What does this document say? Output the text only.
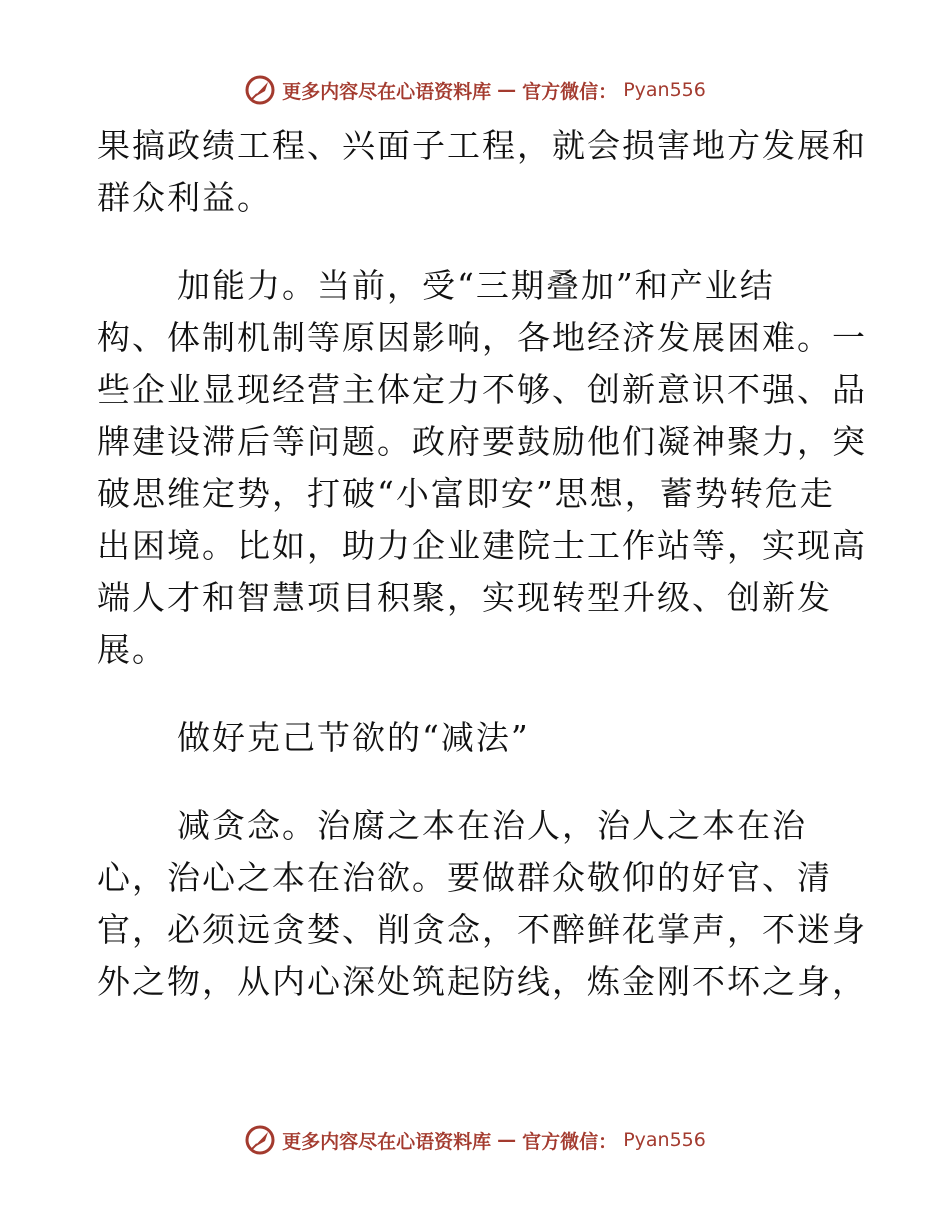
更多内容尽在心语资料库 — 官方微信： Pyan556

果搞政绩工程、兴面子工程，就会损害地方发展和
群众利益。

加能力。当前，受“三期叠加”和产业结
构、体制机制等原因影响，各地经济发展困难。一
些企业显现经营主体定力不够、创新意识不强、品
牌建设滞后等问题。政府要鼓励他们凝神聚力，突
破思维定势，打破“小富即安”思想，蓄势转危走
出困境。比如，助力企业建院士工作站等，实现高
端人才和智慧项目积聚，实现转型升级、创新发
展。

做好克己节欲的“减法”

减贪念。治腐之本在治人，治人之本在治
心，治心之本在治欲。要做群众敬仰的好官、清
官，必须远贪婪、削贪念，不醉鲜花掌声，不迷身
外之物，从内心深处筑起防线，炼金刚不坏之身，

更多内容尽在心语资料库 — 官方微信： Pyan556
